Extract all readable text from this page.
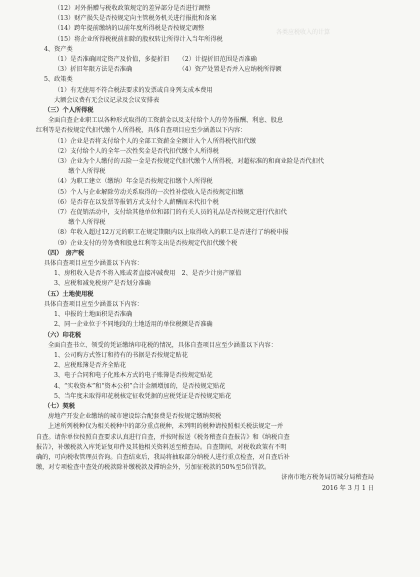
各类应税收入的计算
（12）对外捐赠与税收政策规定的差异部分是否进行调整
（13）财产损失是否按规定向主管税务机关进行报批和备案
（14）跨年提前缴纳的以前年度所得税是否按规定调整
（15）将企业所得税税前扣除的股权转让所得计入当年所得税
4、资产类
（1）是否准确固定资产及价值，多提折旧　　（2）计提折旧范围是否准确
（3）折旧年限方法是否准确　　　　　　　　（4）资产处置是否并入应纳税所得额
5、政策类
（1）有无使用不符合税法要求的发票或自身列支成本费用
大额会议费有无会议记录及会议安排表
（三）个人所得税
全面自查企业职工以各种形式取得的工资薪金以及支付给个人的劳务报酬、利息、股息
红利等是否按规定代扣代缴个人所得税，具体自查项目应至少涵盖以下内容：
（1）企业是否将支付给个人的全部工资薪金全额计入个人所得税代扣代缴
（2）支付给个人的全年一次性奖金是否代扣代缴个人所得税
（3）企业为个人缴付的五险一金是否按规定代扣代缴个人所得税，对超标准的和商业险是否代扣代
　　 缴个人所得税
（4）为职工建立（缴纳）年金是否按规定扣缴个人所得税
（5）个人与企业解除劳动关系取得的一次性补偿收入是否按规定扣缴
（6）是否存在以发票等报销方式支付个人薪酬而未代扣个税
（7）在促销活动中，支付给其他单位和部门的有关人员的礼品是否按规定进行代扣代
　　 缴个人所得税
（8）年收入超过12万元的职工在规定期限内以上取得收入的职工是否进行了纳税申报
（9）企业支付的劳务费和股息红利等支出是否按规定代扣代缴个税
（四）　房产税
具体自查项目应至少涵盖以下内容：
1、房租收入是否不将入账或者直接冲减费用　2、是否少计房产原值
3、应税和减免税房产是否划分准确
（五）土地使用税
具体自查项目应至少涵盖以下内容：
1、申报的土地面积是否准确
2、同一企业位于不同地段的土地适用的单位税额是否准确
（六）印花税
全面自查书立、领受的凭证缴纳印花税的情况，具体自查项目应至少涵盖以下内容：
1、公司购方式签订和持有的书据是否按规定贴花
2、应税账簿是否齐全贴花
3、电子合同和电子化账本方式的电子账簿是否按规定贴花
4、“实收资本”和“资本公积”合计金额增加的，是否按规定贴花
5、当年度未取得印花税核定征收凭据的应税凭证是否按规定贴花
（七）契税
房地产开发企业缴纳的城市建设综合配套费是否按规定缴纳契税
上述所列税种仅为相关税种中的部分重点税种，未列明的税种请按照相关税法规定一并
自查。请你单位按照自查要求认真进行自查，并按时报送《税务稽查自查报告》和《纳税自查
报告》，补缴税款入库凭证复印件及其他相关资料送至稽查局。自查期间，对税收政策有不明
确的，可向税收管理员咨询。自查结束后，我局将抽取部分纳税人进行重点检查，对自查后补
缴，对专项检查中查处的税款除补缴税款及滞纳金外，另加征税款的50%至5倍罚款。
济南市地方税务局历城分局稽查局
2016 年 3 月 1 日
